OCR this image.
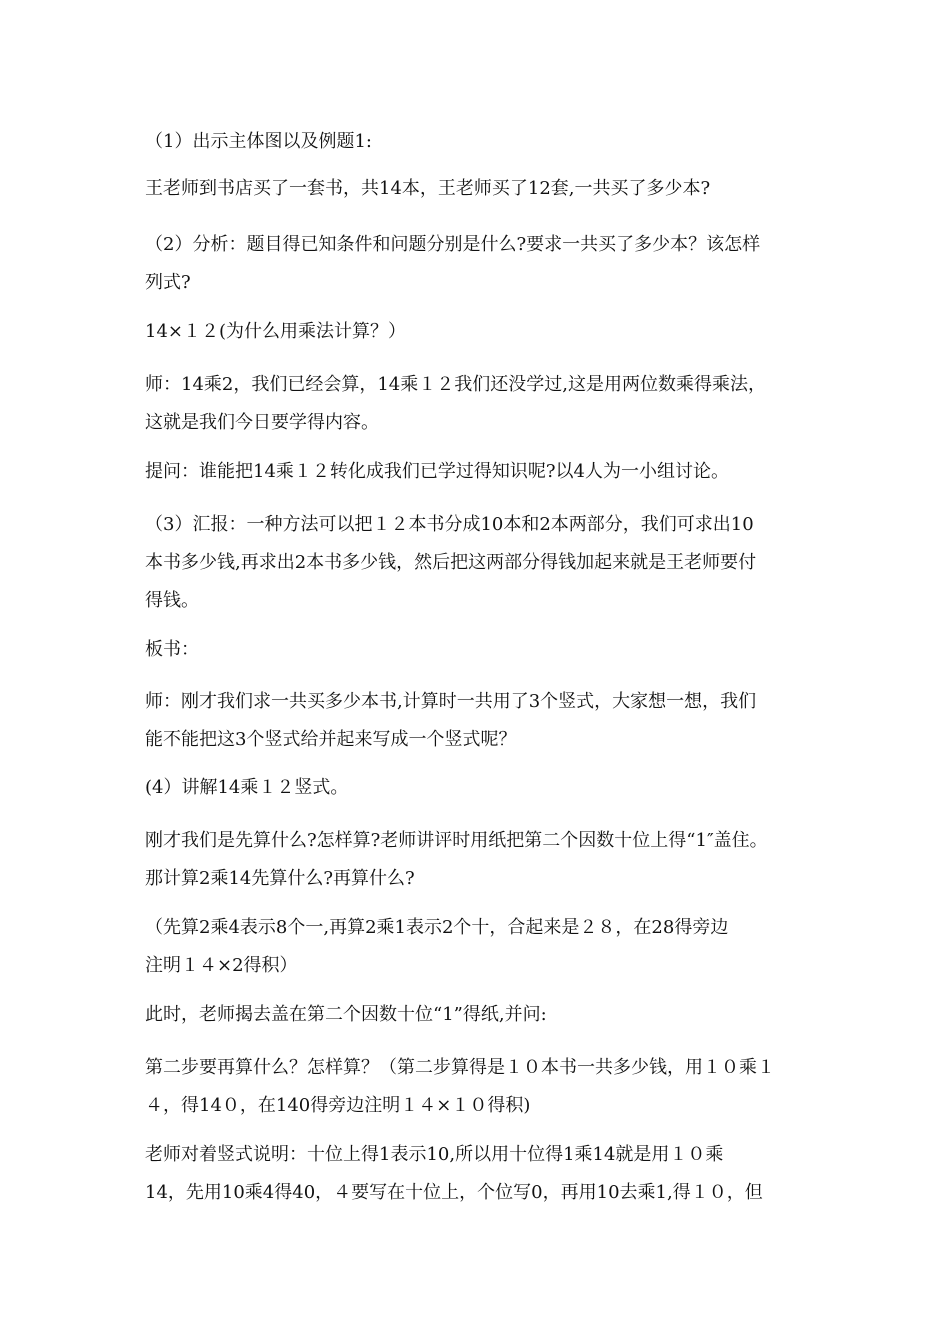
（1）出示主体图以及例题1:

王老师到书店买了一套书，共14本，王老师买了12套,一共买了多少本?

（2）分析：题目得已知条件和问题分别是什么?要求一共买了多少本？该怎样
列式?

14×１２(为什么用乘法计算？）

师：14乘2，我们已经会算，14乘１２我们还没学过,这是用两位数乘得乘法，
这就是我们今日要学得内容。

提问：谁能把14乘１２转化成我们已学过得知识呢?以4人为一小组讨论。

（3）汇报：一种方法可以把１２本书分成10本和2本两部分，我们可求出10
本书多少钱,再求出2本书多少钱，然后把这两部分得钱加起来就是王老师要付
得钱。

板书：

师：刚才我们求一共买多少本书,计算时一共用了3个竖式，大家想一想，我们
能不能把这3个竖式给并起来写成一个竖式呢？

(4）讲解14乘１２竖式。

刚才我们是先算什么?怎样算?老师讲评时用纸把第二个因数十位上得“1″盖住。
那计算2乘14先算什么?再算什么?

（先算2乘4表示8个一,再算2乘1表示2个十，合起来是２８，在28得旁边
注明１４×2得积）

此时，老师揭去盖在第二个因数十位“1”得纸,并问:

第二步要再算什么？怎样算？（第二步算得是１０本书一共多少钱，用１０乘１
４，得14０，在140得旁边注明１４×１０得积)

老师对着竖式说明：十位上得1表示10,所以用十位得1乘14就是用１０乘
14，先用10乘4得40，４要写在十位上，个位写0，再用10去乘1,得１０，但
